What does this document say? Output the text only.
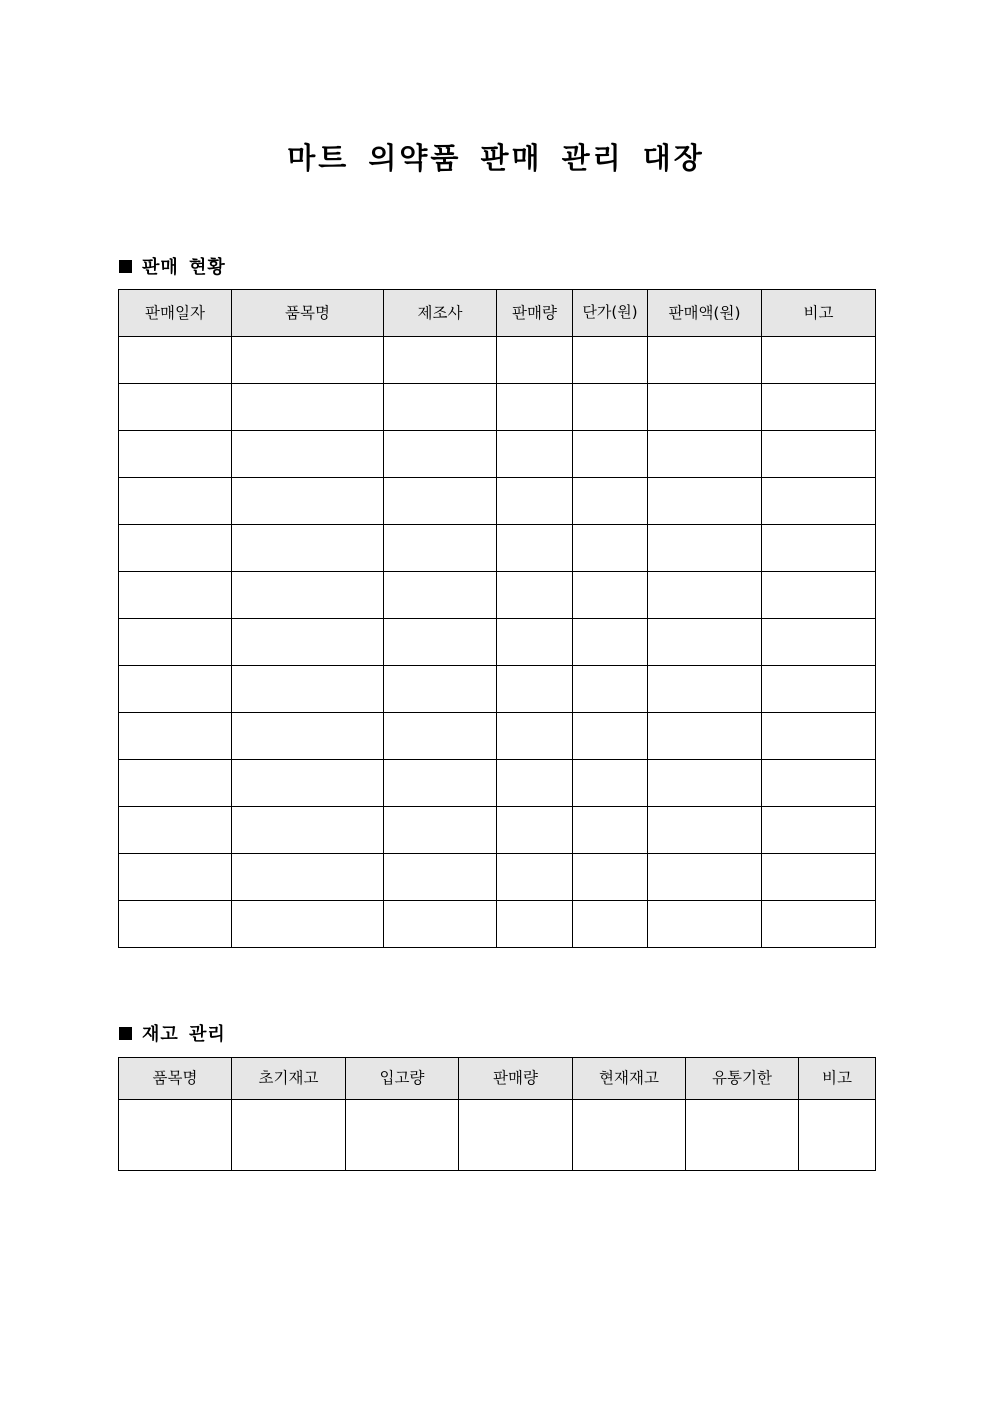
마트 의약품 판매 관리 대장
판매 현황
판매일자	품목명	제조사	판매량	단가(원)	판매액(원)	비고

재고 관리
품목명	초기재고	입고량	판매량	현재재고	유통기한	비고
